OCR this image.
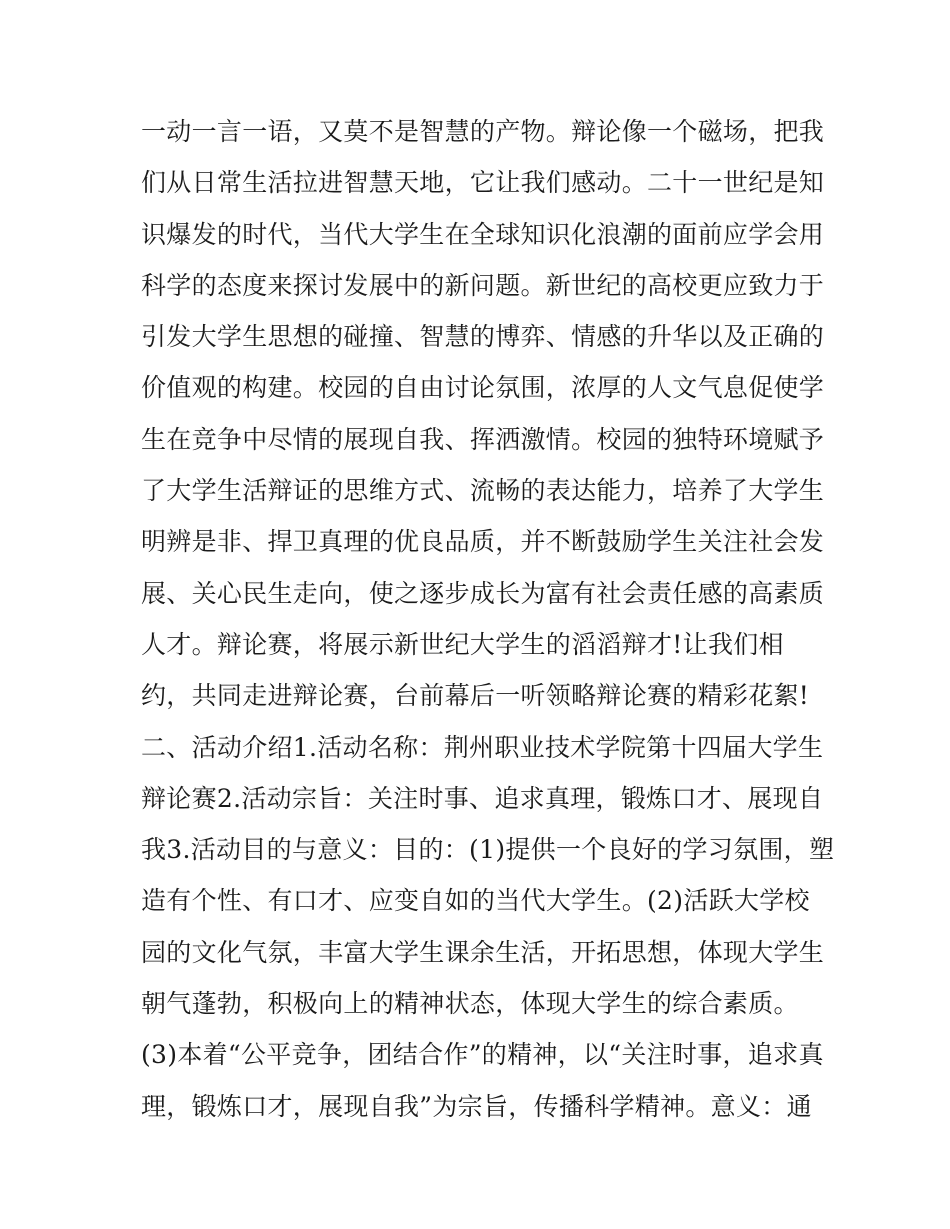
一动一言一语，又莫不是智慧的产物。辩论像一个磁场，把我
们从日常生活拉进智慧天地，它让我们感动。二十一世纪是知
识爆发的时代，当代大学生在全球知识化浪潮的面前应学会用
科学的态度来探讨发展中的新问题。新世纪的高校更应致力于
引发大学生思想的碰撞、智慧的博弈、情感的升华以及正确的
价值观的构建。校园的自由讨论氛围，浓厚的人文气息促使学
生在竞争中尽情的展现自我、挥洒激情。校园的独特环境赋予
了大学生活辩证的思维方式、流畅的表达能力，培养了大学生
明辨是非、捍卫真理的优良品质，并不断鼓励学生关注社会发
展、关心民生走向，使之逐步成长为富有社会责任感的高素质
人才。辩论赛，将展示新世纪大学生的滔滔辩才!让我们相
约，共同走进辩论赛，台前幕后一听领略辩论赛的精彩花絮!
二、活动介绍1.活动名称：荆州职业技术学院第十四届大学生
辩论赛2.活动宗旨：关注时事、追求真理，锻炼口才、展现自
我3.活动目的与意义：目的：(1)提供一个良好的学习氛围，塑
造有个性、有口才、应变自如的当代大学生。(2)活跃大学校
园的文化气氛，丰富大学生课余生活，开拓思想，体现大学生
朝气蓬勃，积极向上的精神状态，体现大学生的综合素质。
(3)本着“公平竞争，团结合作”的精神，以“关注时事，追求真
理，锻炼口才，展现自我”为宗旨，传播科学精神。意义：通
